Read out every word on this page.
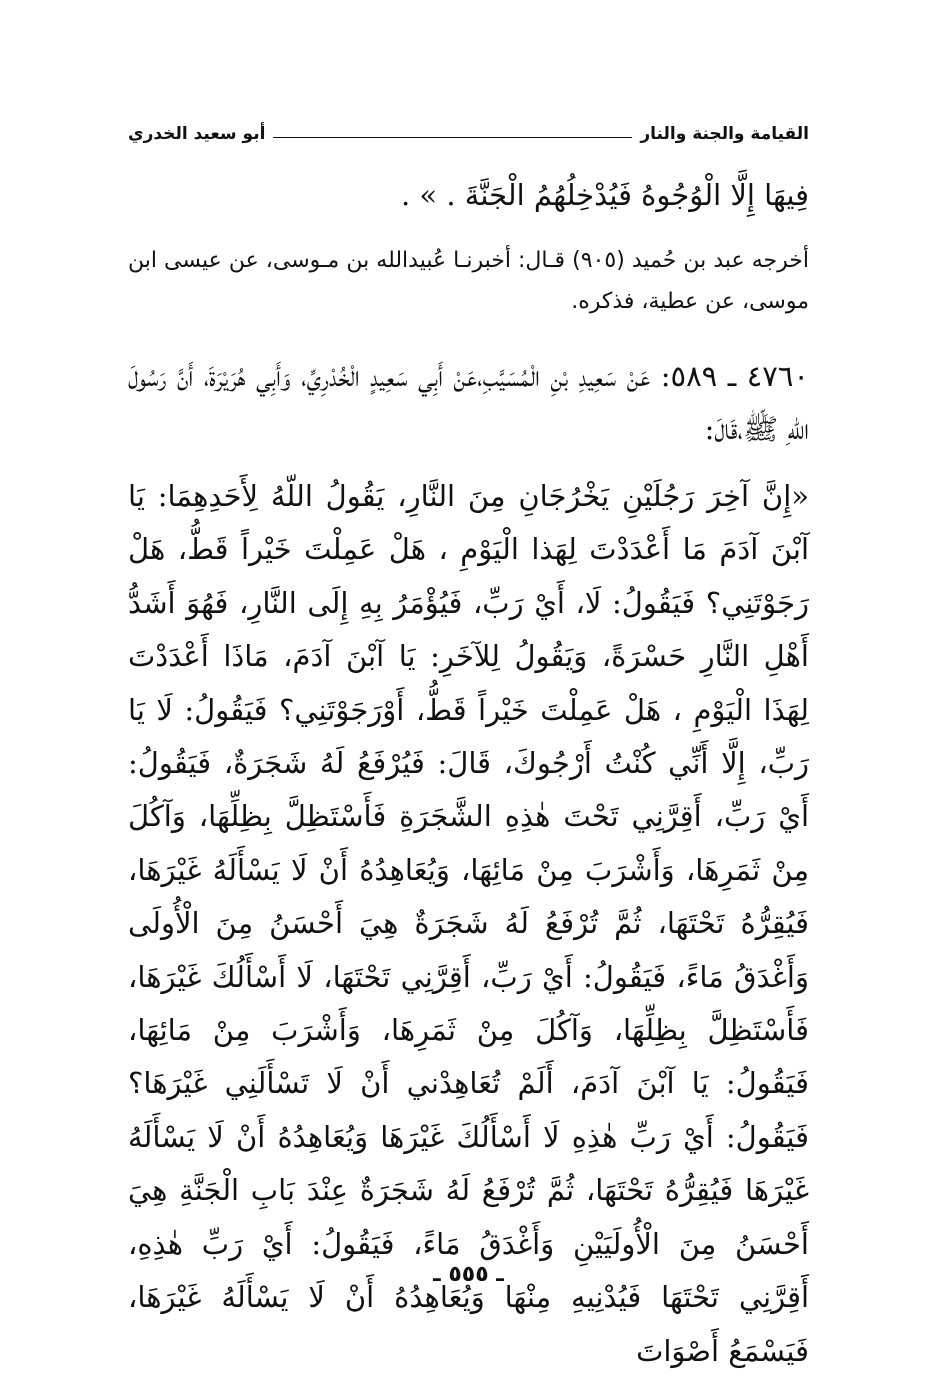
القيامة والجنة والنار
أبو سعيد الخدري
فِيهَا إِلَّا الْوُجُوهُ فَيُدْخِلُهُمُ الْجَنَّةَ . » .
أخرجه عبد بن حُميد (٩٠٥) قـال: أخبرنـا عُبيدالله بن مـوسى، عن عيسى ابن موسى، عن عطية، فذكره.
٤٧٦٠ ـ ٥٨٩: عَنْ سَعِيدِ بْنِ الْمُسَيَّبِ،عَنْ أَبِي سَعِيدٍ الْخُدْرِيِّ، وَأَبِي هُرَيْرَةَ، أَنَّ رَسُولَ اللهِ ﷺ،قَالَ:
«إِنَّ آخِرَ رَجُلَيْنِ يَخْرُجَانِ مِنَ النَّارِ، يَقُولُ اللّهُ لِأَحَدِهِمَا: يَا آبْنَ آدَمَ مَا أَعْدَدْتَ لِهَذا الْيَوْمِ ، هَلْ عَمِلْتَ خَيْراً قَطُّ، هَلْ رَجَوْتَنِي؟ فَيَقُولُ: لَا، أَيْ رَبِّ، فَيُؤْمَرُ بِهِ إِلَى النَّارِ، فَهُوَ أَشَدُّ أَهْلِ النَّارِ حَسْرَةً، وَيَقُولُ لِلآخَرِ: يَا آبْنَ آدَمَ، مَاذَا أَعْدَدْتَ لِهَذَا الْيَوْمِ ، هَلْ عَمِلْتَ خَيْراً قَطُّ، أَوْرَجَوْتَنِي؟ فَيَقُولُ: لَا يَا رَبِّ، إِلَّا أَنِّي كُنْتُ أَرْجُوكَ، قَالَ: فَيُرْفَعُ لَهُ شَجَرَةٌ، فَيَقُولُ: أَيْ رَبِّ، أَقِرَّنِي تَحْتَ هٰذِهِ الشَّجَرَةِ فَأَسْتَظِلَّ بِظِلِّهَا، وَآكُلَ مِنْ ثَمَرِهَا، وَأَشْرَبَ مِنْ مَائِهَا، وَيُعَاهِدُهُ أَنْ لَا يَسْأَلَهُ غَيْرَهَا، فَيُقِرُّهُ تَحْتَهَا، ثُمَّ تُرْفَعُ لَهُ شَجَرَةٌ هِيَ أَحْسَنُ مِنَ الْأُولَى وَأَغْدَقُ مَاءً، فَيَقُولُ: أَيْ رَبِّ، أَقِرَّنِي تَحْتَهَا، لَا أَسْأَلُكَ غَيْرَهَا، فَأَسْتَظِلَّ بِظِلِّهَا، وَآكُلَ مِنْ ثَمَرِهَا، وَأَشْرَبَ مِنْ مَائِهَا، فَيَقُولُ: يَا آبْنَ آدَمَ، أَلَمْ تُعَاهِدْني أَنْ لَا تَسْأَلَنِي غَيْرَهَا؟ فَيَقُولُ: أَيْ رَبِّ هٰذِهِ لَا أَسْأَلُكَ غَيْرَهَا وَيُعَاهِدُهُ أَنْ لَا يَسْأَلَهُ غَيْرَهَا فَيُقِرُّهُ تَحْتَهَا، ثُمَّ تُرْفَعُ لَهُ شَجَرَةٌ عِنْدَ بَابِ الْجَنَّةِ هِيَ أَحْسَنُ مِنَ الْأُولَيَيْنِ وَأَغْدَقُ مَاءً، فَيَقُولُ: أَيْ رَبِّ هٰذِهِ، أَقِرَّنِي تَحْتَهَا فَيُدْنِيهِ مِنْهَا وَيُعَاهِدُهُ أَنْ لَا يَسْأَلَهُ غَيْرَهَا، فَيَسْمَعُ أَصْوَاتَ
ـ ٥٥٥ ـ
